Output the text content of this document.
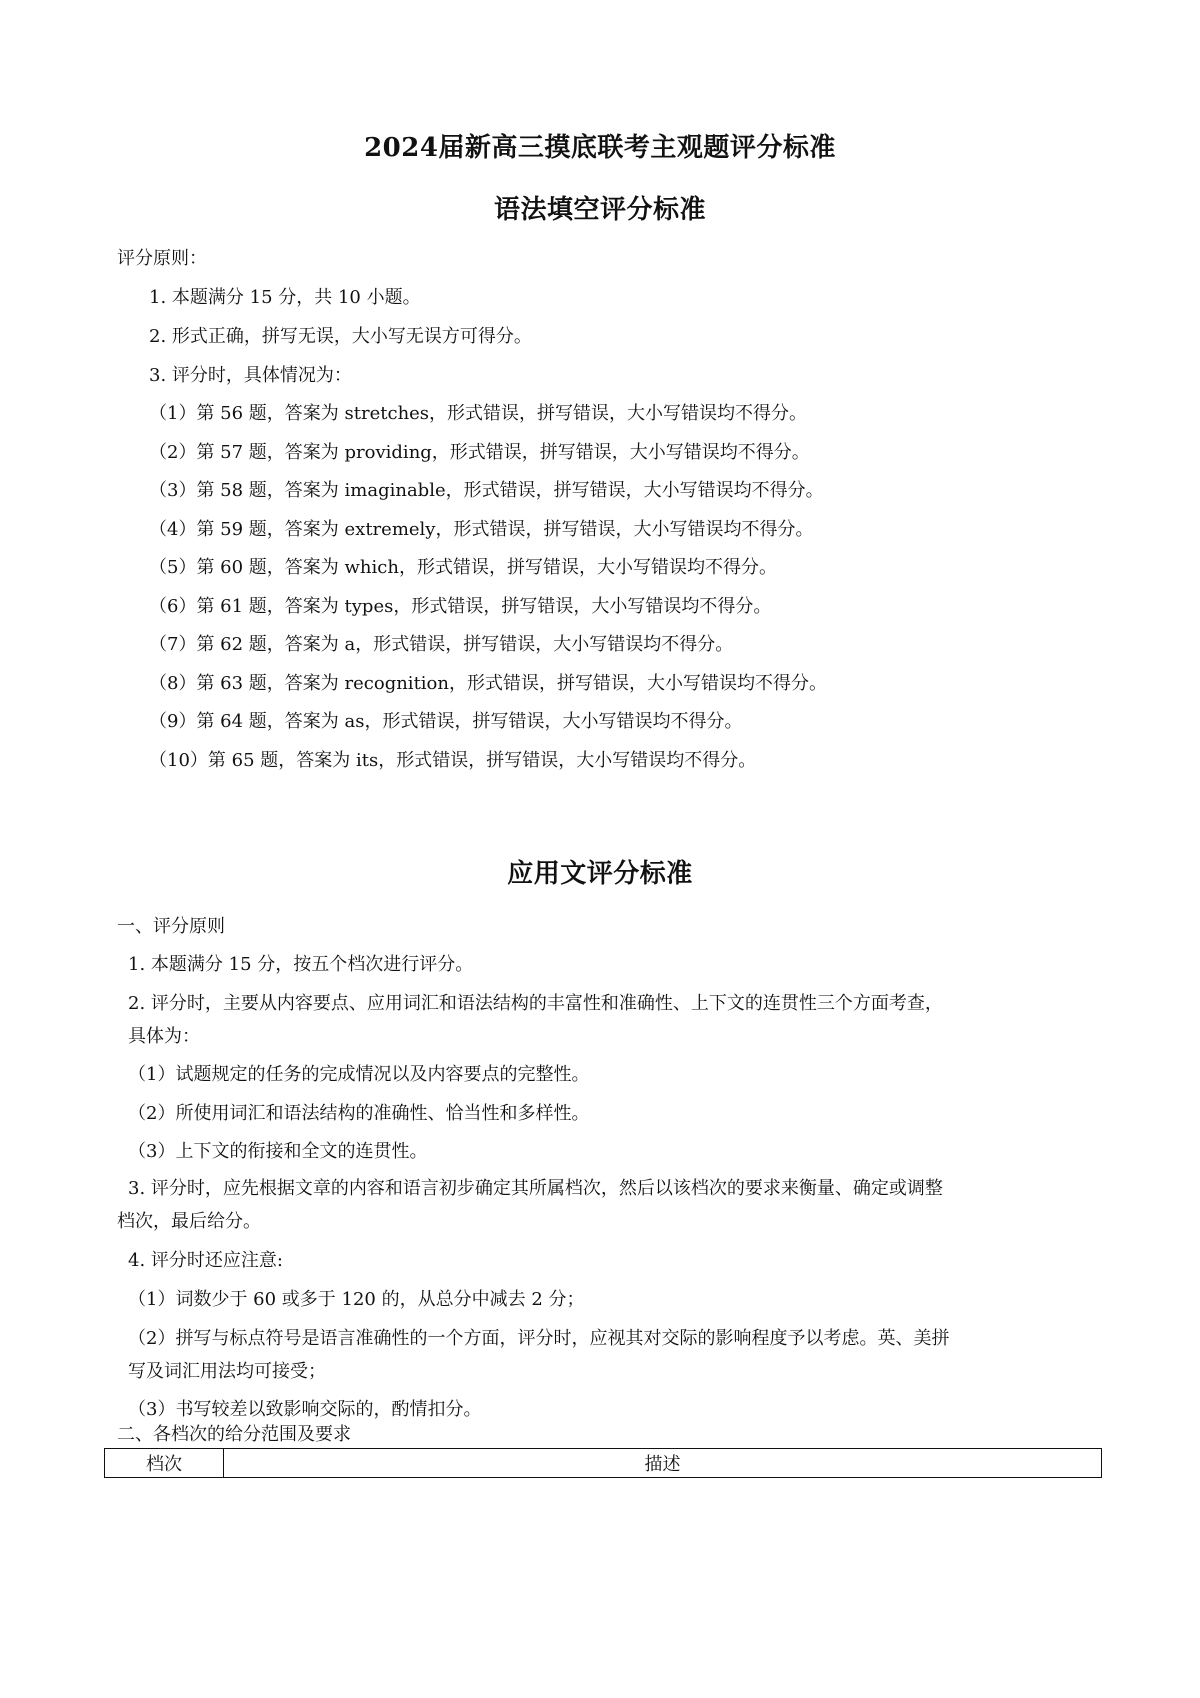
2024届新高三摸底联考主观题评分标准
语法填空评分标准
评分原则：
1. 本题满分 15 分，共 10 小题。
2. 形式正确，拼写无误，大小写无误方可得分。
3. 评分时，具体情况为：
（1）第 56 题，答案为 stretches，形式错误，拼写错误，大小写错误均不得分。
（2）第 57 题，答案为 providing，形式错误，拼写错误，大小写错误均不得分。
（3）第 58 题，答案为 imaginable，形式错误，拼写错误，大小写错误均不得分。
（4）第 59 题，答案为 extremely，形式错误，拼写错误，大小写错误均不得分。
（5）第 60 题，答案为 which，形式错误，拼写错误，大小写错误均不得分。
（6）第 61 题，答案为 types，形式错误，拼写错误，大小写错误均不得分。
（7）第 62 题，答案为 a，形式错误，拼写错误，大小写错误均不得分。
（8）第 63 题，答案为 recognition，形式错误，拼写错误，大小写错误均不得分。
（9）第 64 题，答案为 as，形式错误，拼写错误，大小写错误均不得分。
（10）第 65 题，答案为 its，形式错误，拼写错误，大小写错误均不得分。
应用文评分标准
一、评分原则
1. 本题满分 15 分，按五个档次进行评分。
2. 评分时，主要从内容要点、应用词汇和语法结构的丰富性和准确性、上下文的连贯性三个方面考查，
具体为：
（1）试题规定的任务的完成情况以及内容要点的完整性。
（2）所使用词汇和语法结构的准确性、恰当性和多样性。
（3）上下文的衔接和全文的连贯性。
3. 评分时，应先根据文章的内容和语言初步确定其所属档次，然后以该档次的要求来衡量、确定或调整
档次，最后给分。
4. 评分时还应注意:
（1）词数少于 60 或多于 120 的，从总分中减去 2 分；
（2）拼写与标点符号是语言准确性的一个方面，评分时，应视其对交际的影响程度予以考虑。英、美拼
写及词汇用法均可接受；
（3）书写较差以致影响交际的，酌情扣分。
二、各档次的给分范围及要求
档次	描述
